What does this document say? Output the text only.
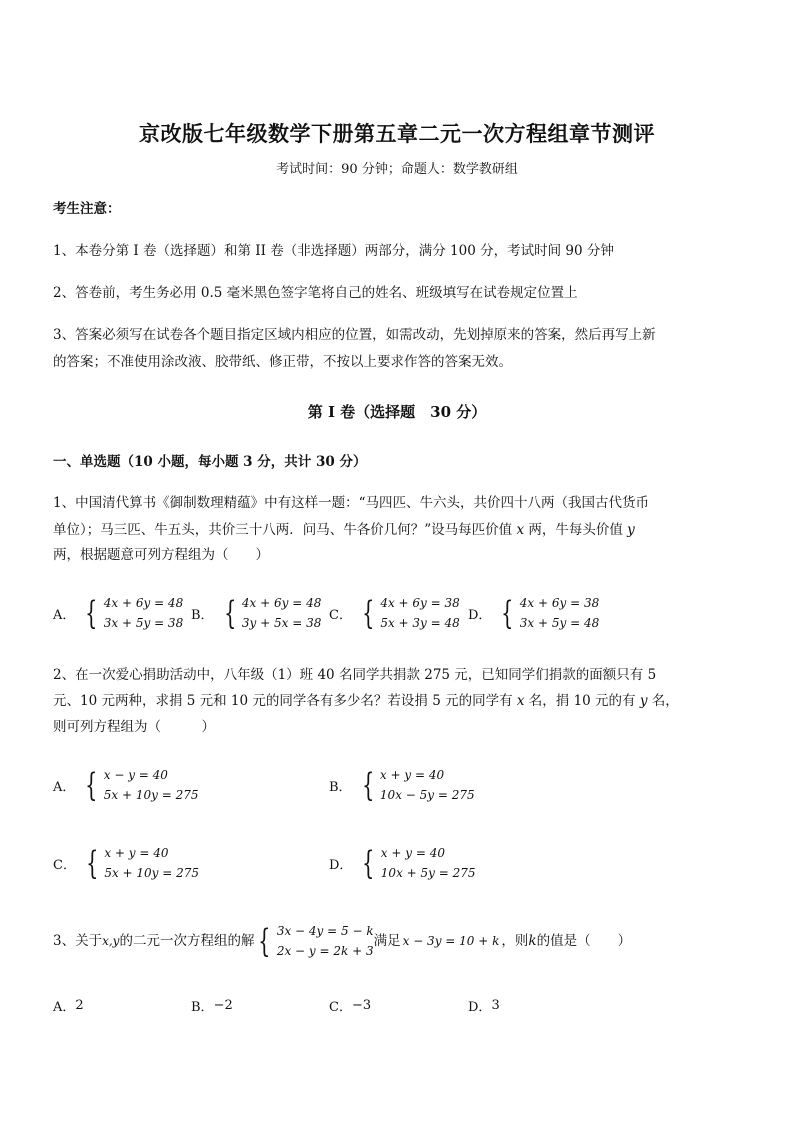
京改版七年级数学下册第五章二元一次方程组章节测评
考试时间：90 分钟；命题人：数学教研组
考生注意：
1、本卷分第 I 卷（选择题）和第 II 卷（非选择题）两部分，满分 100 分，考试时间 90 分钟
2、答卷前，考生务必用 0.5 毫米黑色签字笔将自己的姓名、班级填写在试卷规定位置上
3、答案必须写在试卷各个题目指定区域内相应的位置，如需改动，先划掉原来的答案，然后再写上新
的答案；不准使用涂改液、胶带纸、修正带，不按以上要求作答的答案无效。
第 I 卷（选择题　30 分）
一、单选题（10 小题，每小题 3 分，共计 30 分）
1、中国清代算书《御制数理精蕴》中有这样一题：“马四匹、牛六头，共价四十八两（我国古代货币
单位）；马三匹、牛五头，共价三十八两．问马、牛各价几何？”设马每匹价值 x 两，牛每头价值 y
两，根据题意可列方程组为（　　）
A． { 4x + 6y = 48
3x + 5y = 38
B． { 4x + 6y = 48
3y + 5x = 38
C． { 4x + 6y = 38
5x + 3y = 48
D． { 4x + 6y = 38
3x + 5y = 48
2、在一次爱心捐助活动中，八年级（1）班 40 名同学共捐款 275 元，已知同学们捐款的面额只有 5
元、10 元两种，求捐 5 元和 10 元的同学各有多少名？若设捐 5 元的同学有 x 名，捐 10 元的有 y 名，
则可列方程组为（　　　）
A． { x − y = 40
5x + 10y = 275
B． { x + y = 40
10x − 5y = 275
C． { x + y = 40
5x + 10y = 275
D． { x + y = 40
10x + 5y = 275
3、关于 x,y 的二元一次方程组的解 { 3x − 4y = 5 − k
2x − y = 2k + 3
满足 x − 3y = 10 + k ，则 k 的值是（　　）
A． 2	B． −2	C． −3	D． 3
